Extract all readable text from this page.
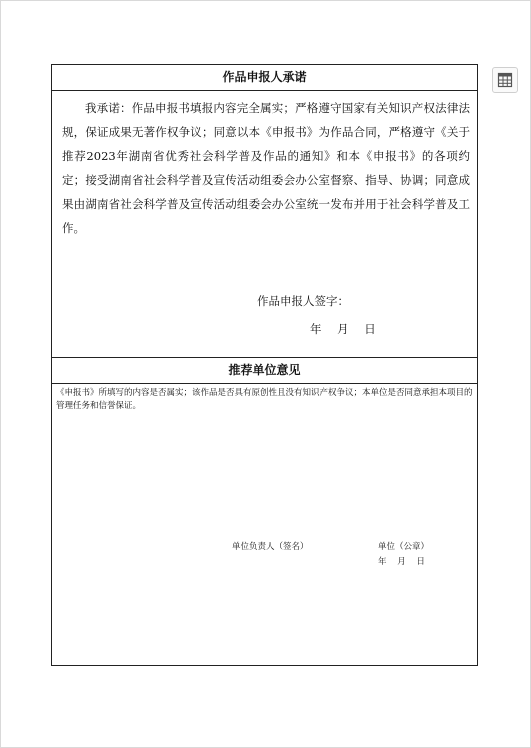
作品申报人承诺

我承诺：作品申报书填报内容完全属实；严格遵守国家有关知识产权法律法规，保证成果无著作权争议；同意以本《申报书》为作品合同，严格遵守《关于推荐2023年湖南省优秀社会科学普及作品的通知》和本《申报书》的各项约定；接受湖南省社会科学普及宣传活动组委会办公室督察、指导、协调；同意成果由湖南省社会科学普及宣传活动组委会办公室统一发布并用于社会科学普及工作。

作品申报人签字：
年 月 日
推荐单位意见

《申报书》所填写的内容是否属实；该作品是否具有原创性且没有知识产权争议；本单位是否同意承担本项目的管理任务和信誉保证。

单位负责人（签名）	单位（公章）
年 月 日
